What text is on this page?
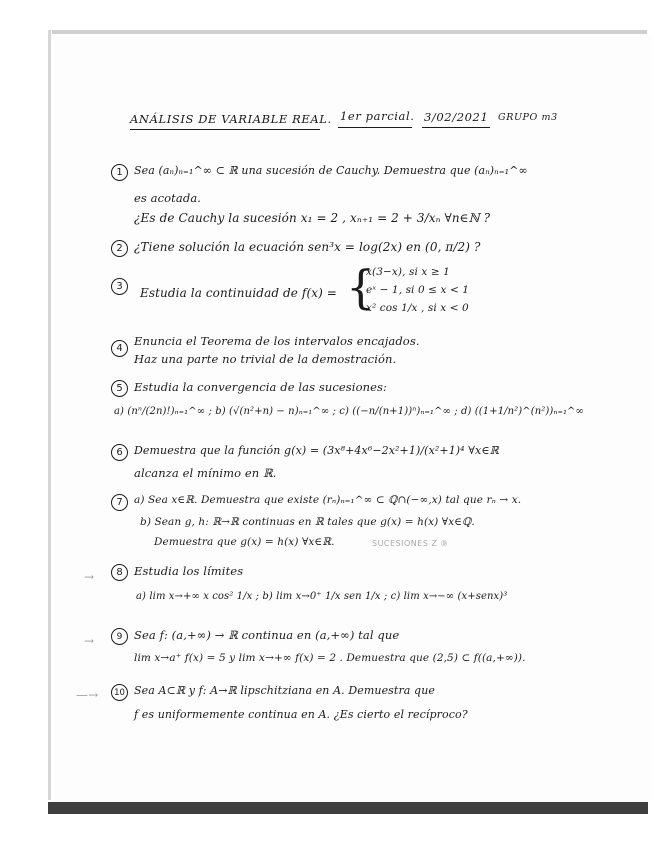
ANÁLISIS DE VARIABLE REAL. 1er parcial. 3/02/2021 GRUPO m3
1	Sea (aₙ)ₙ₌₁^∞ ⊂ ℝ una sucesión de Cauchy. Demuestra que (aₙ)ₙ₌₁^∞
es acotada.
¿Es de Cauchy la sucesión x₁ = 2 , xₙ₊₁ = 2 + 3/xₙ ∀n∈ℕ ?
2 ¿Tiene solución la ecuación sen³x = log(2x) en (0, π/2) ?
3	Estudia la continuidad de f(x) = {
x(3−x), si x ≥ 1
eˣ − 1, si 0 ≤ x < 1
x² cos 1/x , si x < 0
4
Enuncia el Teorema de los intervalos encajados.
Haz una parte no trivial de la demostración.
5 Estudia la convergencia de las sucesiones:
a) (nⁿ/(2n)!)ₙ₌₁^∞ ; b) (√(n²+n) − n)ₙ₌₁^∞ ; c) ((−n/(n+1))ⁿ)ₙ₌₁^∞ ; d) ((1+1/n²)^(n²))ₙ₌₁^∞
6	Demuestra que la función g(x) = (3x⁸+4x⁶−2x²+1)/(x²+1)⁴ ∀x∈ℝ
alcanza el mínimo en ℝ.
7	a) Sea x∈ℝ. Demuestra que existe (rₙ)ₙ₌₁^∞ ⊂ ℚ∩(−∞,x) tal que rₙ → x.
b) Sean g, h: ℝ→ℝ continuas en ℝ tales que g(x) = h(x) ∀x∈ℚ.
Demuestra que g(x) = h(x) ∀x∈ℝ.	SUCESIONES Z ⑨
→	8 Estudia los límites
a) lim x→+∞ x cos² 1/x ; b) lim x→0⁺ 1/x sen 1/x ; c) lim x→−∞ (x+senx)³
→	9	Sea f: (a,+∞) → ℝ continua en (a,+∞) tal que
lim x→a⁺ f(x) = 5 y lim x→+∞ f(x) = 2 . Demuestra que (2,5) ⊂ f((a,+∞)).
—→	10 Sea A⊂ℝ y f: A→ℝ lipschitziana en A. Demuestra que
f es uniformemente continua en A. ¿Es cierto el recíproco?
